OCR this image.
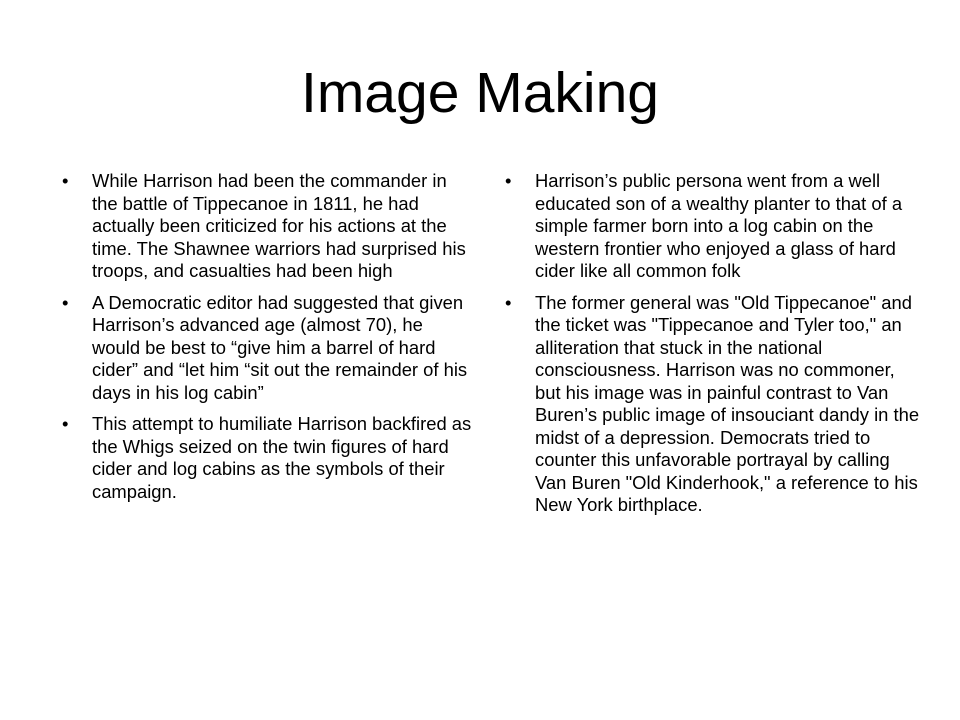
Image Making
• While Harrison had been the commander in the battle of Tippecanoe in 1811, he had actually been criticized for his actions at the time. The Shawnee warriors had surprised his troops, and casualties had been high
• A Democratic editor had suggested that given Harrison’s advanced age (almost 70), he would be best to “give him a barrel of hard cider” and “let him “sit out the remainder of his days in his log cabin”
• This attempt to humiliate Harrison backfired as the Whigs seized on the twin figures of hard cider and log cabins as the symbols of their campaign.
• Harrison’s public persona went from a well educated son of a wealthy planter to that of a simple farmer born into a log cabin on the western frontier who enjoyed a glass of hard cider like all common folk
• The former general was "Old Tippecanoe" and the ticket was "Tippecanoe and Tyler too," an alliteration that stuck in the national consciousness. Harrison was no commoner, but his image was in painful contrast to Van Buren’s public image of insouciant dandy in the midst of a depression. Democrats tried to counter this unfavorable portrayal by calling Van Buren "Old Kinderhook," a reference to his New York birthplace.
